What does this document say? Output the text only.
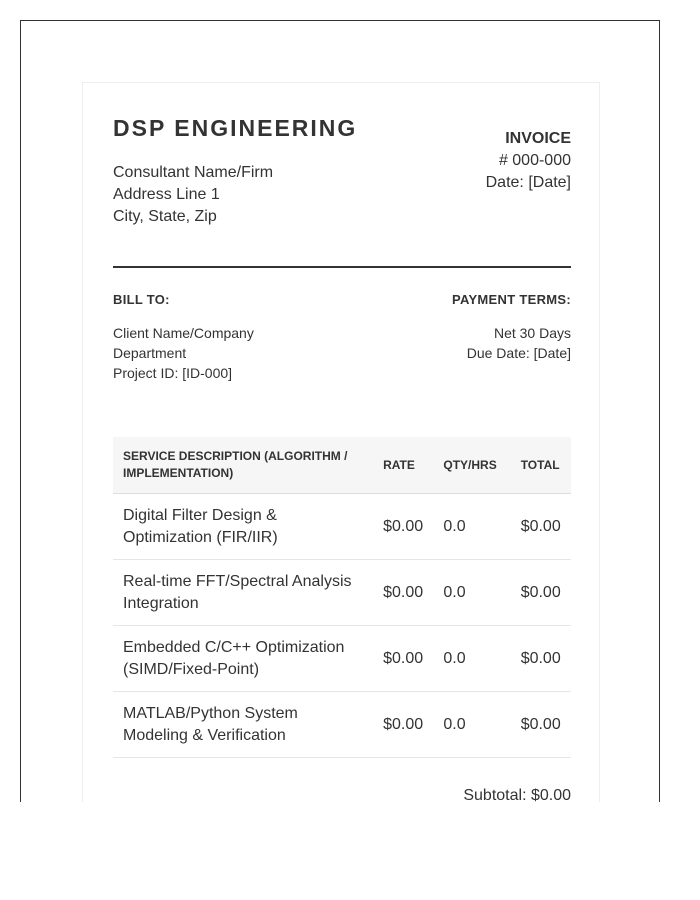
DSP ENGINEERING
Consultant Name/Firm
Address Line 1
City, State, Zip
INVOICE
# 000-000
Date: [Date]
BILL TO:
Client Name/Company
Department
Project ID: [ID-000]
PAYMENT TERMS:
Net 30 Days
Due Date: [Date]
SERVICE DESCRIPTION (ALGORITHM / IMPLEMENTATION)	RATE	QTY/HRS	TOTAL
Digital Filter Design & Optimization (FIR/IIR)	$0.00	0.0	$0.00
Real-time FFT/Spectral Analysis Integration	$0.00	0.0	$0.00
Embedded C/C++ Optimization (SIMD/Fixed-Point)	$0.00	0.0	$0.00
MATLAB/Python System Modeling & Verification	$0.00	0.0	$0.00
Subtotal: $0.00
